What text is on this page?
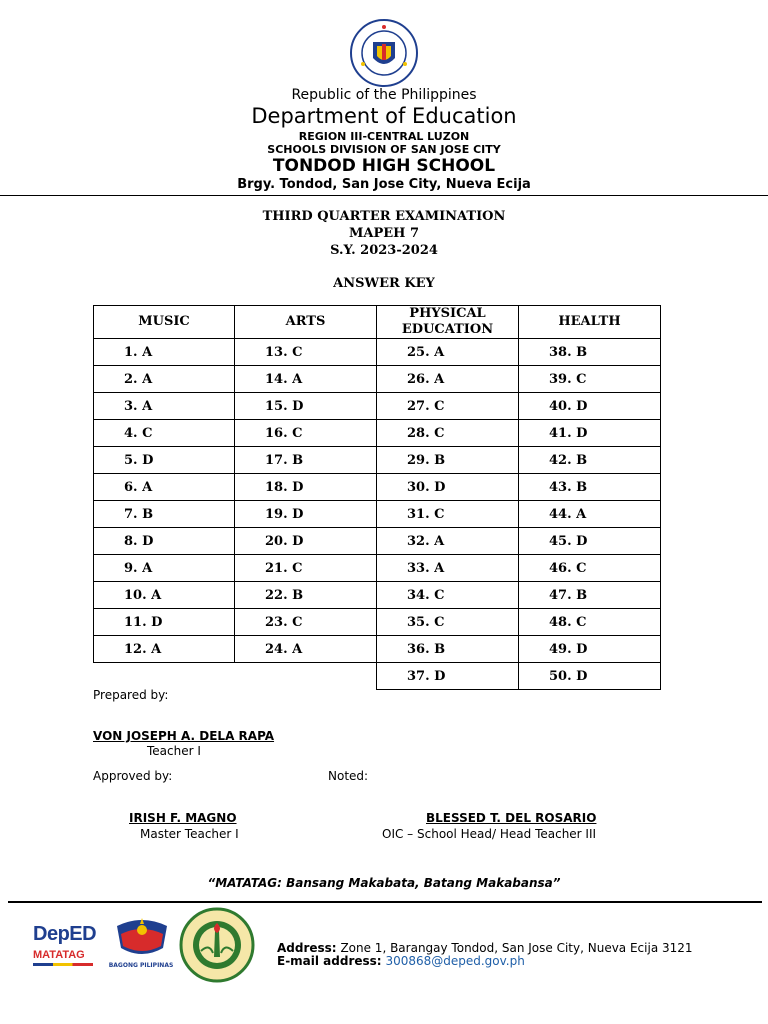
Republic of the Philippines
Department of Education
REGION III-CENTRAL LUZON
SCHOOLS DIVISION OF SAN JOSE CITY
TONDOD HIGH SCHOOL
Brgy. Tondod, San Jose City, Nueva Ecija
THIRD QUARTER EXAMINATION
MAPEH 7
S.Y. 2023-2024
ANSWER KEY
MUSIC	ARTS	PHYSICAL EDUCATION	HEALTH
1. A	13. C	25. A	38. B
2. A	14. A	26. A	39. C
3. A	15. D	27. C	40. D
4. C	16. C	28. C	41. D
5. D	17. B	29. B	42. B
6. A	18. D	30. D	43. B
7. B	19. D	31. C	44. A
8. D	20. D	32. A	45. D
9. A	21. C	33. A	46. C
10. A	22. B	34. C	47. B
11. D	23. C	35. C	48. C
12. A	24. A	36. B	49. D
		37. D	50. D
Prepared by:
VON JOSEPH A. DELA RAPA
Teacher I
Approved by:	Noted:
IRISH F. MAGNO
Master Teacher I
BLESSED T. DEL ROSARIO
OIC – School Head/ Head Teacher III
“MATATAG: Bansang Makabata, Batang Makabansa”
DepED
MATATAG
BAGONG PILIPINAS
Address: Zone 1, Barangay Tondod, San Jose City, Nueva Ecija 3121
E-mail address: 300868@deped.gov.ph
